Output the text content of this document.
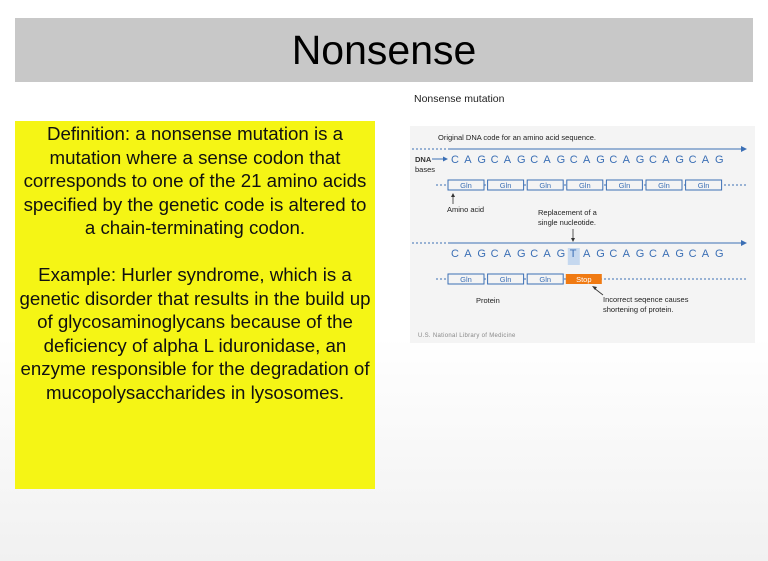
Nonsense

Definition: a nonsense mutation is a mutation where a sense codon that corresponds to one of the 21 amino acids specified by the genetic code is altered to a chain-terminating codon.

Example: Hurler syndrome, which is a genetic disorder that results in the build up of glycosaminoglycans because of the deficiency of alpha L iduronidase, an enzyme responsible for the degradation of mucopolysaccharides in lysosomes.

Nonsense mutation
Original DNA code for an amino acid sequence.
DNA
bases
Amino acid	Replacement of a
single nucleotide.
Protein	Incorrect seqence causes
shortening of protein.
U.S. National Library of Medicine
C A G C A G C A G C A G C A G C A G C A G
Gln	Gln	Gln	Gln	Gln	Gln	Gln
C A G C A G C A G T A G C A G C A G C A G
Gln	Gln	Gln	Stop
